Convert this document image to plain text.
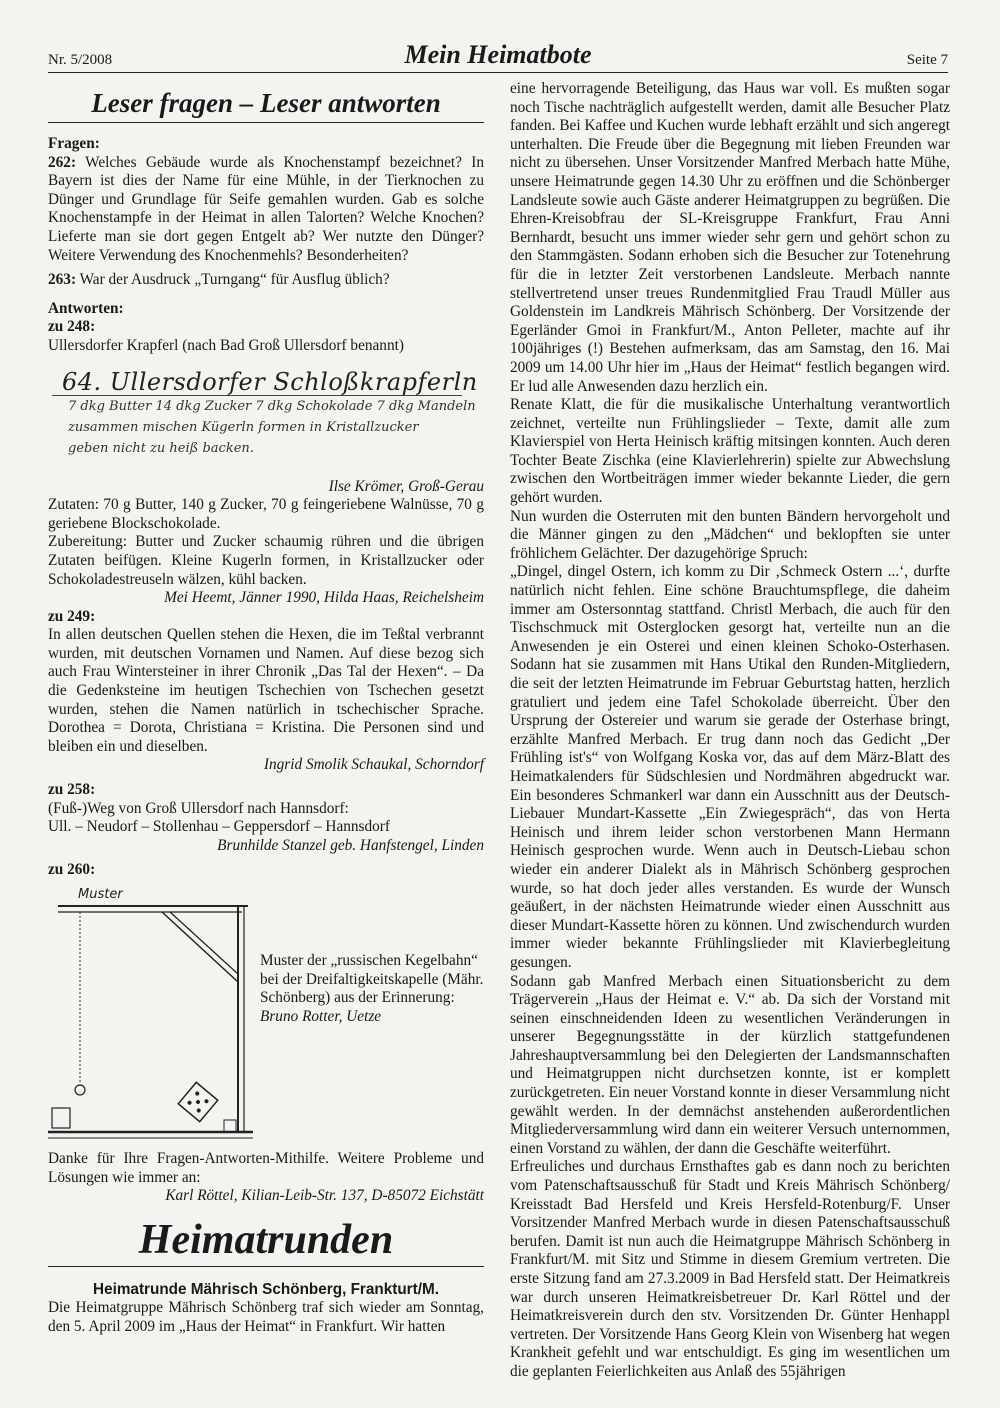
Nr. 5/2008	Mein Heimatbote	Seite 7
Leser fragen – Leser antworten

Fragen:

262: Welches Gebäude wurde als Knochenstampf bezeichnet? In Bayern ist dies der Name für eine Mühle, in der Tierknochen zu Dünger und Grundlage für Seife gemahlen wurden. Gab es solche Knochenstampfe in der Heimat in allen Talorten? Welche Knochen? Lieferte man sie dort gegen Entgelt ab? Wer nutzte den Dünger? Weitere Verwendung des Knochenmehls? Besonderheiten?

263: War der Ausdruck „Turngang“ für Ausflug üblich?

Antworten:

zu 248:

Ullersdorfer Krapferl (nach Bad Groß Ullersdorf benannt)

64. Ullersdorfer Schloßkrapferln
7 dkg Butter 14 dkg Zucker 7 dkg Schokolade 7 dkg Mandeln
zusammen mischen Kügerln formen in Kristallzucker
geben nicht zu heiß backen.

Ilse Krömer, Groß-Gerau

Zutaten: 70 g Butter, 140 g Zucker, 70 g feingeriebene Walnüsse, 70 g geriebene Blockschokolade.

Zubereitung: Butter und Zucker schaumig rühren und die übrigen Zutaten beifügen. Kleine Kugerln formen, in Kristallzucker oder Schokoladestreuseln wälzen, kühl backen.

Mei Heemt, Jänner 1990, Hilda Haas, Reichelsheim

zu 249:

In allen deutschen Quellen stehen die Hexen, die im Teßtal verbrannt wurden, mit deutschen Vornamen und Namen. Auf diese bezog sich auch Frau Wintersteiner in ihrer Chronik „Das Tal der Hexen“. – Da die Gedenksteine im heutigen Tschechien von Tschechen gesetzt wurden, stehen die Namen natürlich in tschechischer Sprache. Dorothea = Dorota, Christiana = Kristina. Die Personen sind und bleiben ein und dieselben.

Ingrid Smolik Schaukal, Schorndorf

zu 258:

(Fuß-)Weg von Groß Ullersdorf nach Hannsdorf:

Ull. – Neudorf – Stollenhau – Geppersdorf – Hannsdorf

Brunhilde Stanzel geb. Hanfstengel, Linden

zu 260:

Muster

Muster der „russischen Kegelbahn“ bei der Dreifaltigkeitskapelle (Mähr. Schönberg) aus der Erinnerung:

Bruno Rotter, Uetze

Danke für Ihre Fragen-Antworten-Mithilfe. Weitere Probleme und Lösungen wie immer an:

Karl Röttel, Kilian-Leib-Str. 137, D-85072 Eichstätt

Heimatrunden

Heimatrunde Mährisch Schönberg, Frankturt/M.

Die Heimatgruppe Mährisch Schönberg traf sich wieder am Sonntag, den 5. April 2009 im „Haus der Heimat“ in Frankfurt. Wir hatten

eine hervorragende Beteiligung, das Haus war voll. Es mußten sogar noch Tische nachträglich aufgestellt werden, damit alle Besucher Platz fanden. Bei Kaffee und Kuchen wurde lebhaft erzählt und sich angeregt unterhalten. Die Freude über die Begegnung mit lieben Freunden war nicht zu übersehen. Unser Vorsitzender Manfred Merbach hatte Mühe, unsere Heimatrunde gegen 14.30 Uhr zu eröffnen und die Schönberger Landsleute sowie auch Gäste anderer Heimatgruppen zu begrüßen. Die Ehren-Kreisobfrau der SL-Kreisgruppe Frankfurt, Frau Anni Bernhardt, besucht uns immer wieder sehr gern und gehört schon zu den Stammgästen. Sodann erhoben sich die Besucher zur Totenehrung für die in letzter Zeit verstorbenen Landsleute. Merbach nannte stellvertretend unser treues Rundenmitglied Frau Traudl Müller aus Goldenstein im Landkreis Mährisch Schönberg. Der Vorsitzende der Egerländer Gmoi in Frankfurt/M., Anton Pelleter, machte auf ihr 100jähriges (!) Bestehen aufmerksam, das am Samstag, den 16. Mai 2009 um 14.00 Uhr hier im „Haus der Heimat“ festlich begangen wird. Er lud alle Anwesenden dazu herzlich ein.

Renate Klatt, die für die musikalische Unterhaltung verantwortlich zeichnet, verteilte nun Frühlingslieder – Texte, damit alle zum Klavierspiel von Herta Heinisch kräftig mitsingen konnten. Auch deren Tochter Beate Zischka (eine Klavierlehrerin) spielte zur Abwechslung zwischen den Wortbeiträgen immer wieder bekannte Lieder, die gern gehört wurden.

Nun wurden die Osterruten mit den bunten Bändern hervorgeholt und die Männer gingen zu den „Mädchen“ und beklopften sie unter fröhlichem Gelächter. Der dazugehörige Spruch:

„Dingel, dingel Ostern, ich komm zu Dir ‚Schmeck Ostern ...‘, durfte natürlich nicht fehlen. Eine schöne Brauchtumspflege, die daheim immer am Ostersonntag stattfand. Christl Merbach, die auch für den Tischschmuck mit Osterglocken gesorgt hat, verteilte nun an die Anwesenden je ein Osterei und einen kleinen Schoko-Osterhasen. Sodann hat sie zusammen mit Hans Utikal den Runden-Mitgliedern, die seit der letzten Heimatrunde im Februar Geburtstag hatten, herzlich gratuliert und jedem eine Tafel Schokolade überreicht. Über den Ursprung der Ostereier und warum sie gerade der Osterhase bringt, erzählte Manfred Merbach. Er trug dann noch das Gedicht „Der Frühling ist's“ von Wolfgang Koska vor, das auf dem März-Blatt des Heimatkalenders für Südschlesien und Nordmähren abgedruckt war. Ein besonderes Schmankerl war dann ein Ausschnitt aus der Deutsch-Liebauer Mundart-Kassette „Ein Zwiegespräch“, das von Herta Heinisch und ihrem leider schon verstorbenen Mann Hermann Heinisch gesprochen wurde. Wenn auch in Deutsch-Liebau schon wieder ein anderer Dialekt als in Mährisch Schönberg gesprochen wurde, so hat doch jeder alles verstanden. Es wurde der Wunsch geäußert, in der nächsten Heimatrunde wieder einen Ausschnitt aus dieser Mundart-Kassette hören zu können. Und zwischendurch wurden immer wieder bekannte Frühlingslieder mit Klavierbegleitung gesungen.

Sodann gab Manfred Merbach einen Situationsbericht zu dem Trägerverein „Haus der Heimat e. V.“ ab. Da sich der Vorstand mit seinen einschneidenden Ideen zu wesentlichen Veränderungen in unserer Begegnungsstätte in der kürzlich stattgefundenen Jahreshauptversammlung bei den Delegierten der Landsmannschaften und Heimatgruppen nicht durchsetzen konnte, ist er komplett zurückgetreten. Ein neuer Vorstand konnte in dieser Versammlung nicht gewählt werden. In der demnächst anstehenden außerordentlichen Mitgliederversammlung wird dann ein weiterer Versuch unternommen, einen Vorstand zu wählen, der dann die Geschäfte weiterführt.

Erfreuliches und durchaus Ernsthaftes gab es dann noch zu berichten vom Patenschaftsausschuß für Stadt und Kreis Mährisch Schönberg/ Kreisstadt Bad Hersfeld und Kreis Hersfeld-Rotenburg/F. Unser Vorsitzender Manfred Merbach wurde in diesen Patenschaftsausschuß berufen. Damit ist nun auch die Heimatgruppe Mährisch Schönberg in Frankfurt/M. mit Sitz und Stimme in diesem Gremium vertreten. Die erste Sitzung fand am 27.3.2009 in Bad Hersfeld statt. Der Heimatkreis war durch unseren Heimatkreisbetreuer Dr. Karl Röttel und der Heimatkreisverein durch den stv. Vorsitzenden Dr. Günter Henhappl vertreten. Der Vorsitzende Hans Georg Klein von Wisenberg hat wegen Krankheit gefehlt und war entschuldigt. Es ging im wesentlichen um die geplanten Feierlichkeiten aus Anlaß des 55jährigen
